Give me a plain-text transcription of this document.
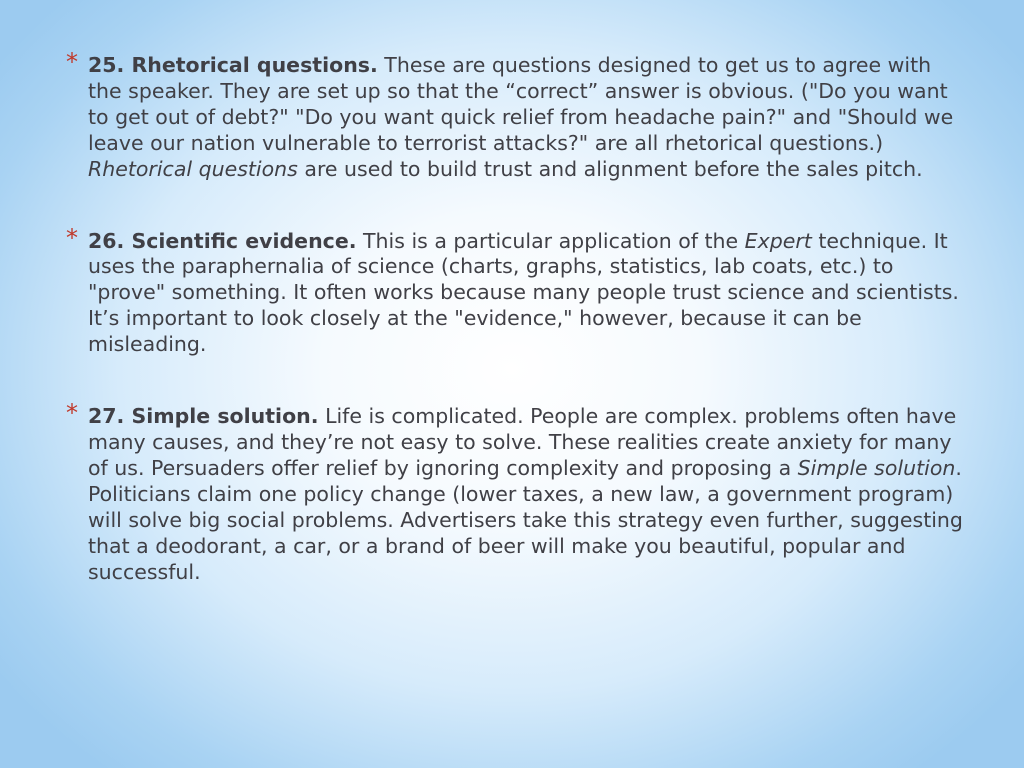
* 25. Rhetorical questions. These are questions designed to get us to agree with the speaker. They are set up so that the “correct” answer is obvious. ("Do you want to get out of debt?" "Do you want quick relief from headache pain?" and "Should we leave our nation vulnerable to terrorist attacks?" are all rhetorical questions.) Rhetorical questions are used to build trust and alignment before the sales pitch.
* 26. Scientific evidence. This is a particular application of the Expert technique. It uses the paraphernalia of science (charts, graphs, statistics, lab coats, etc.) to "prove" something. It often works because many people trust science and scientists. It’s important to look closely at the "evidence," however, because it can be misleading.
* 27. Simple solution. Life is complicated. People are complex. problems often have many causes, and they’re not easy to solve. These realities create anxiety for many of us. Persuaders offer relief by ignoring complexity and proposing a Simple solution. Politicians claim one policy change (lower taxes, a new law, a government program) will solve big social problems. Advertisers take this strategy even further, suggesting that a deodorant, a car, or a brand of beer will make you beautiful, popular and successful.
